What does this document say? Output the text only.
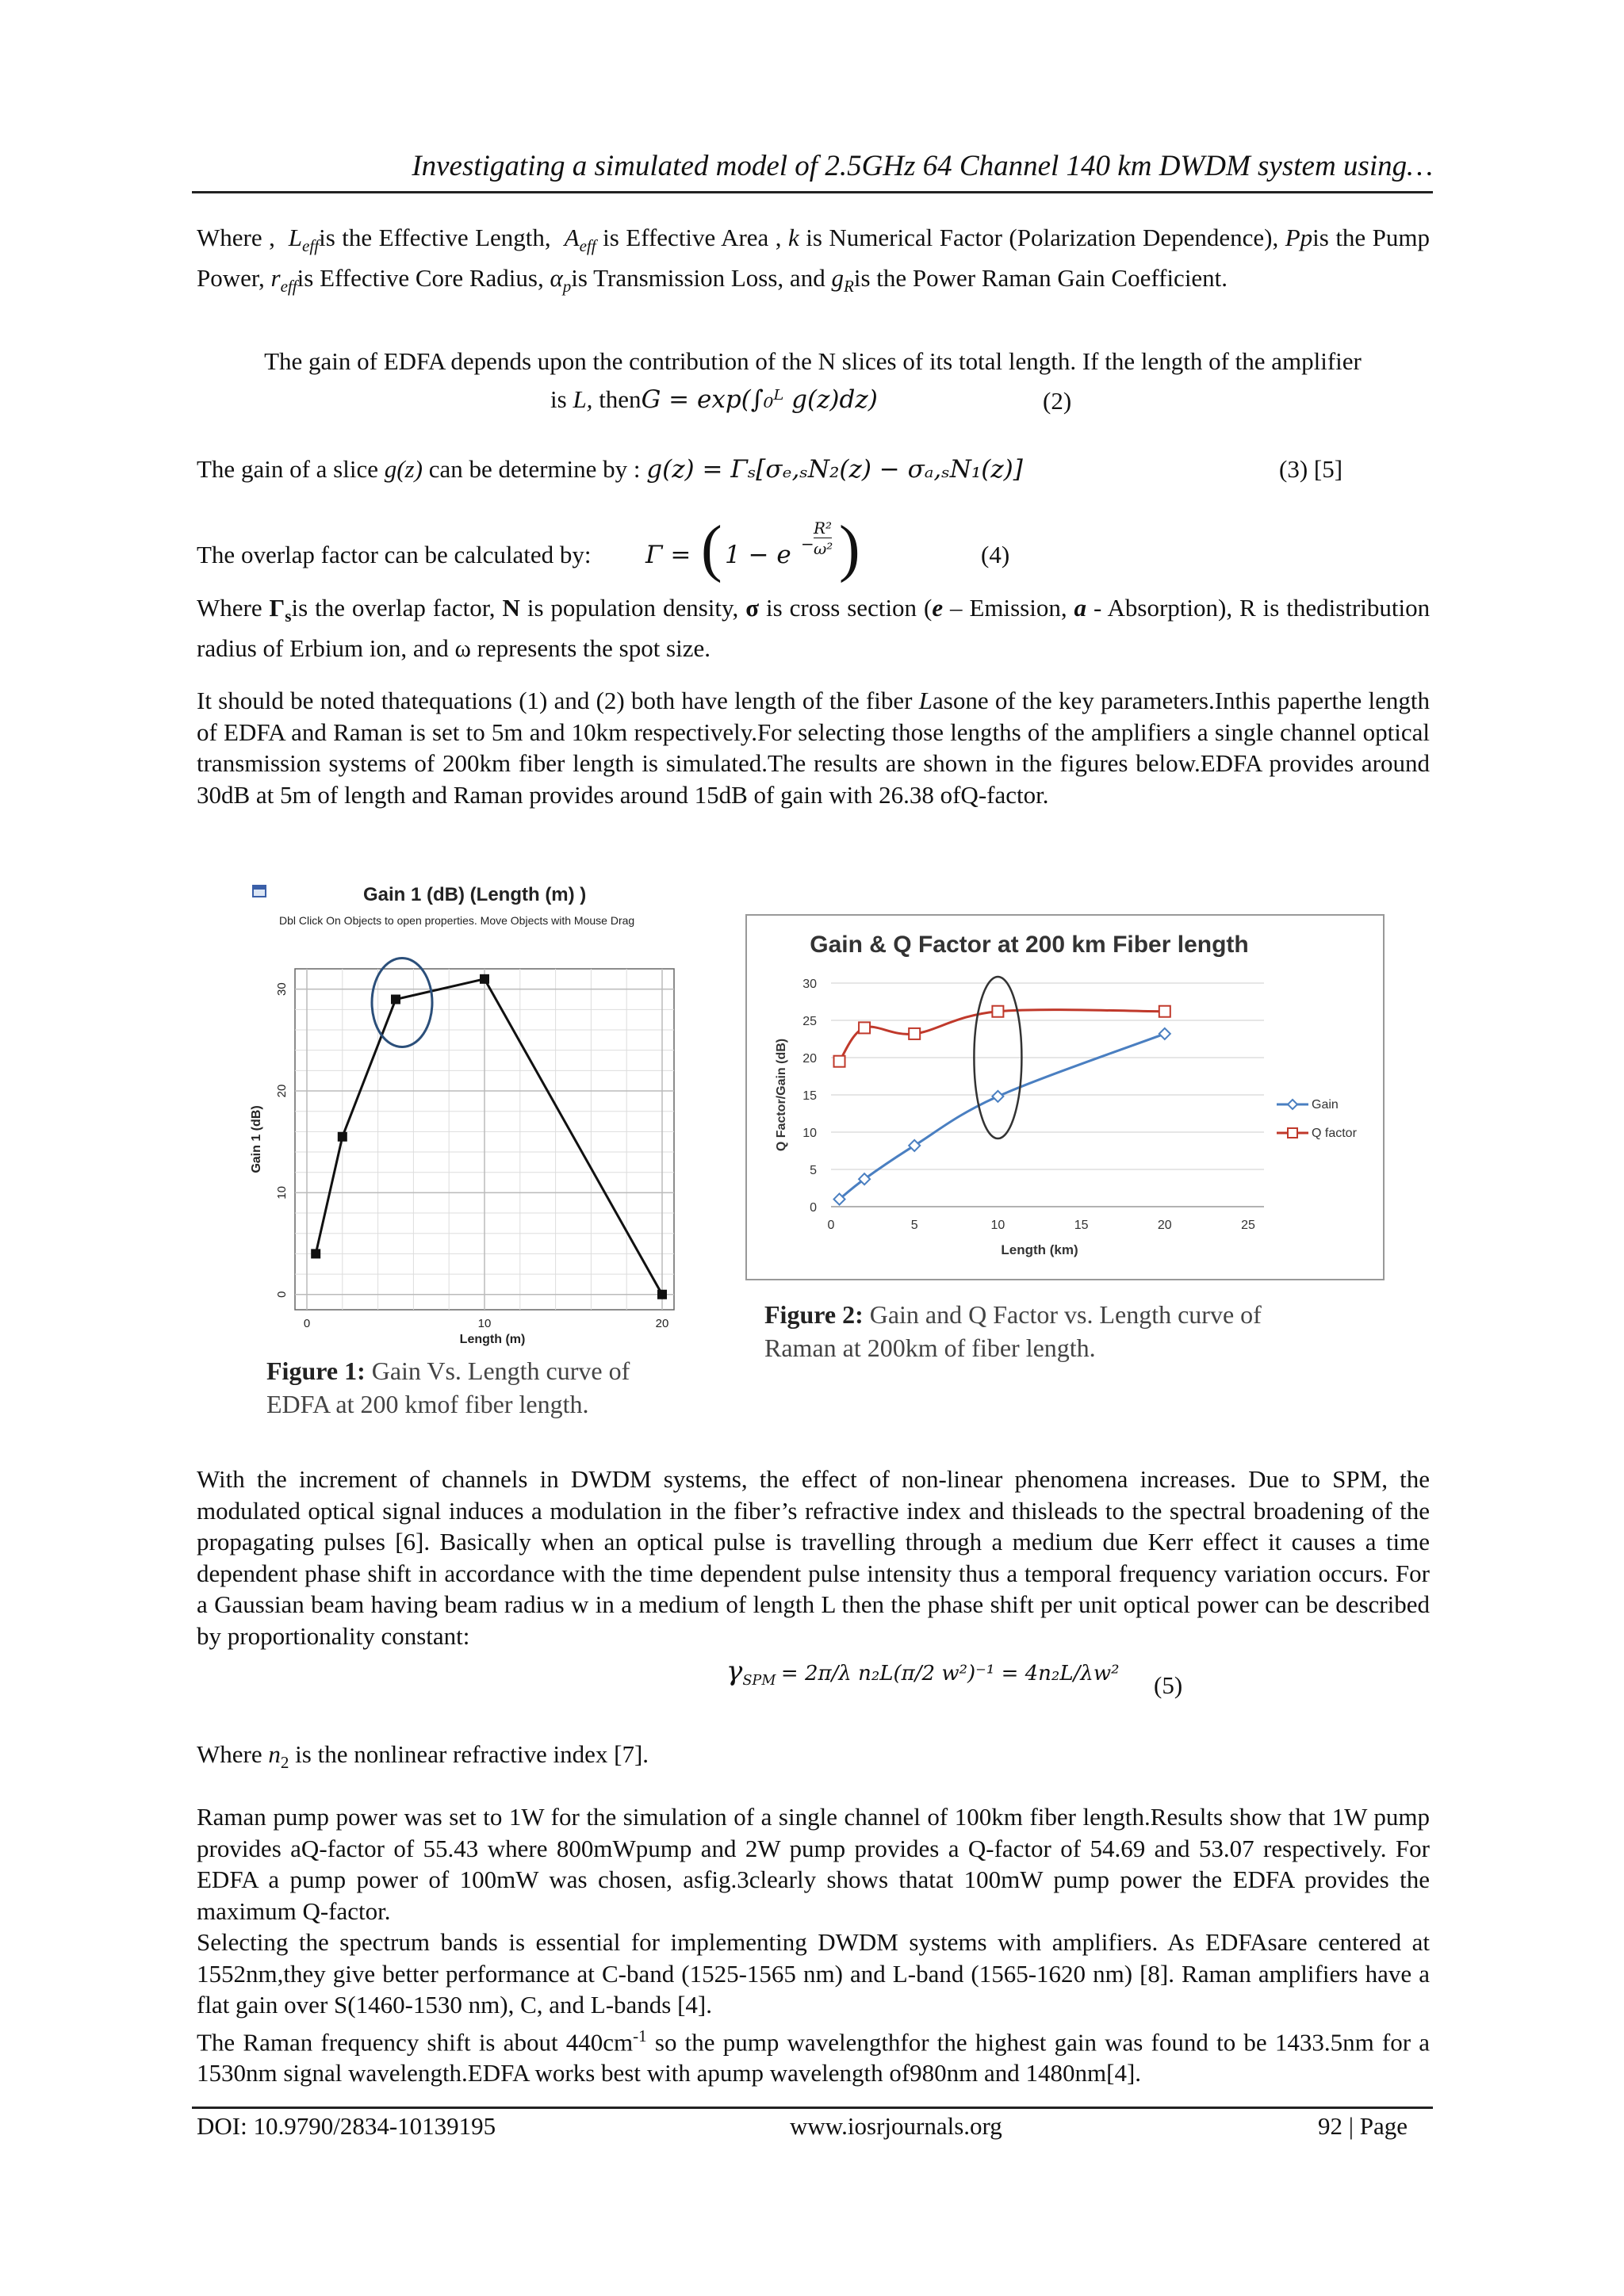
Investigating a simulated model of 2.5GHz 64 Channel 140 km DWDM system using…
Where , $L_{eff}is$ the Effective Length, $A_{eff}$ is Effective Area , k is Numerical Factor (Polarization Dependence), Ppis the Pump Power, $r_{eff}is$ Effective Core Radius, $\alpha_pis$ Transmission Loss, and $g_Ris$ the Power Raman Gain Coefficient.
The gain of EDFA depends upon the contribution of the N slices of its total length. If the length of the amplifier
is L, thenG = exp(∫₀ᴸ g(z)dz)	(2)
The gain of a slice g(z) can be determine by : g(z) = Γₛ[σₑ,ₛN₂(z) − σₐ,ₛN₁(z)]	(3) [5]
The overlap factor can be calculated by: Γ = ( 1 − e −
R²
ω² )	(4)
Where $\Gamma_sis$ the overlap factor, N is population density, σ is cross section (e – Emission, a - Absorption), R is thedistribution radius of Erbium ion, and ω represents the spot size.
It should be noted thatequations (1) and (2) both have length of the fiber Lasone of the key parameters.Inthis paperthe length of EDFA and Raman is set to 5m and 10km respectively.For selecting those lengths of the amplifiers a single channel optical transmission systems of 200km fiber length is simulated.The results are shown in the figures below.EDFA provides around 30dB at 5m of length and Raman provides around 15dB of gain with 26.38 ofQ-factor.
Gain 1 (dB) (Length (m) )
Dbl Click On Objects to open properties. Move Objects with Mouse Drag
0	10	20
0
10
20
30
Length (m)
Gain 1 (dB)
Figure 1: Gain Vs. Length curve of
EDFA at 200 kmof fiber length.
Gain & Q Factor at 200 km Fiber length
0
5
10
15
20
25
30
0	5	10	15	20	25
Length (km)
Q Factor/Gain (dB)	Gain
Q factor
Figure 2: Gain and Q Factor vs. Length curve of
Raman at 200km of fiber length.
With the increment of channels in DWDM systems, the effect of non-linear phenomena increases. Due to SPM, the modulated optical signal induces a modulation in the fiber’s refractive index and thisleads to the spectral broadening of the propagating pulses [6]. Basically when an optical pulse is travelling through a medium due Kerr effect it causes a time dependent phase shift in accordance with the time dependent pulse intensity thus a temporal frequency variation occurs. For a Gaussian beam having beam radius w in a medium of length L then the phase shift per unit optical power can be described by proportionality constant:
$\gamma_{SPM} = 2\pi/\lambda$ n₂L(π/2 w²)⁻¹ = 4n₂L/λw² (5)
Where $n_2$ is the nonlinear refractive index [7].
Raman pump power was set to 1W for the simulation of a single channel of 100km fiber length.Results show that 1W pump provides aQ-factor of 55.43 where 800mWpump and 2W pump provides a Q-factor of 54.69 and 53.07 respectively. For EDFA a pump power of 100mW was chosen, asfig.3clearly shows thatat 100mW pump power the EDFA provides the maximum Q-factor.
Selecting the spectrum bands is essential for implementing DWDM systems with amplifiers. As EDFAsare centered at 1552nm,they give better performance at C-band (1525-1565 nm) and L-band (1565-1620 nm) [8]. Raman amplifiers have a flat gain over S(1460-1530 nm), C, and L-bands [4].
The Raman frequency shift is about $440cm^{-1}$ so the pump wavelengthfor the highest gain was found to be 1433.5nm for a 1530nm signal wavelength.EDFA works best with apump wavelength of980nm and 1480nm[4].
DOI: 10.9790/2834-10139195	www.iosrjournals.org	92 | Page
